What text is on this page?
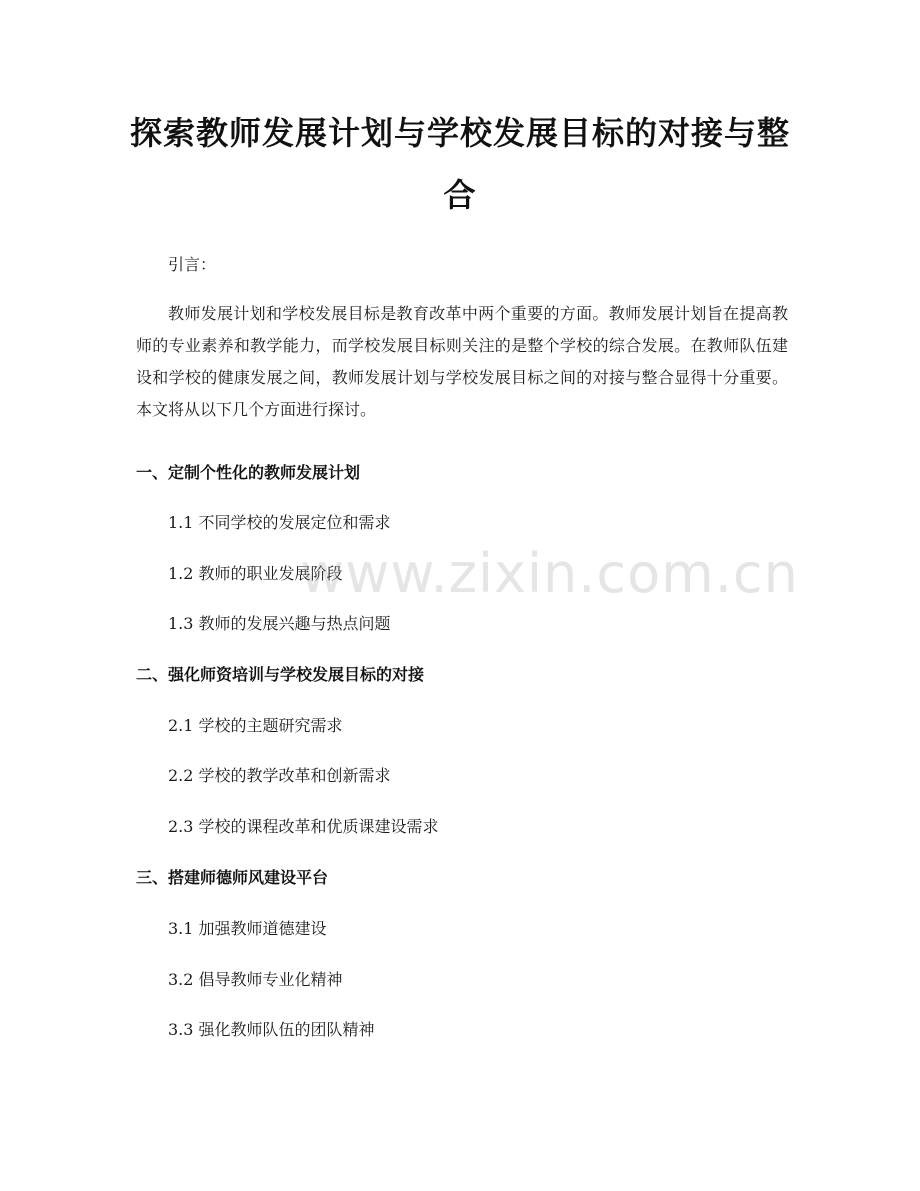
探索教师发展计划与学校发展目标的对接与整合

引言：

教师发展计划和学校发展目标是教育改革中两个重要的方面。教师发展计划旨在提高教师的专业素养和教学能力，而学校发展目标则关注的是整个学校的综合发展。在教师队伍建设和学校的健康发展之间，教师发展计划与学校发展目标之间的对接与整合显得十分重要。本文将从以下几个方面进行探讨。

一、定制个性化的教师发展计划

1.1 不同学校的发展定位和需求

1.2 教师的职业发展阶段

1.3 教师的发展兴趣与热点问题

二、强化师资培训与学校发展目标的对接

2.1 学校的主题研究需求

2.2 学校的教学改革和创新需求

2.3 学校的课程改革和优质课建设需求

三、搭建师德师风建设平台

3.1 加强教师道德建设

3.2 倡导教师专业化精神

3.3 强化教师队伍的团队精神

www.zixin.com.cn
